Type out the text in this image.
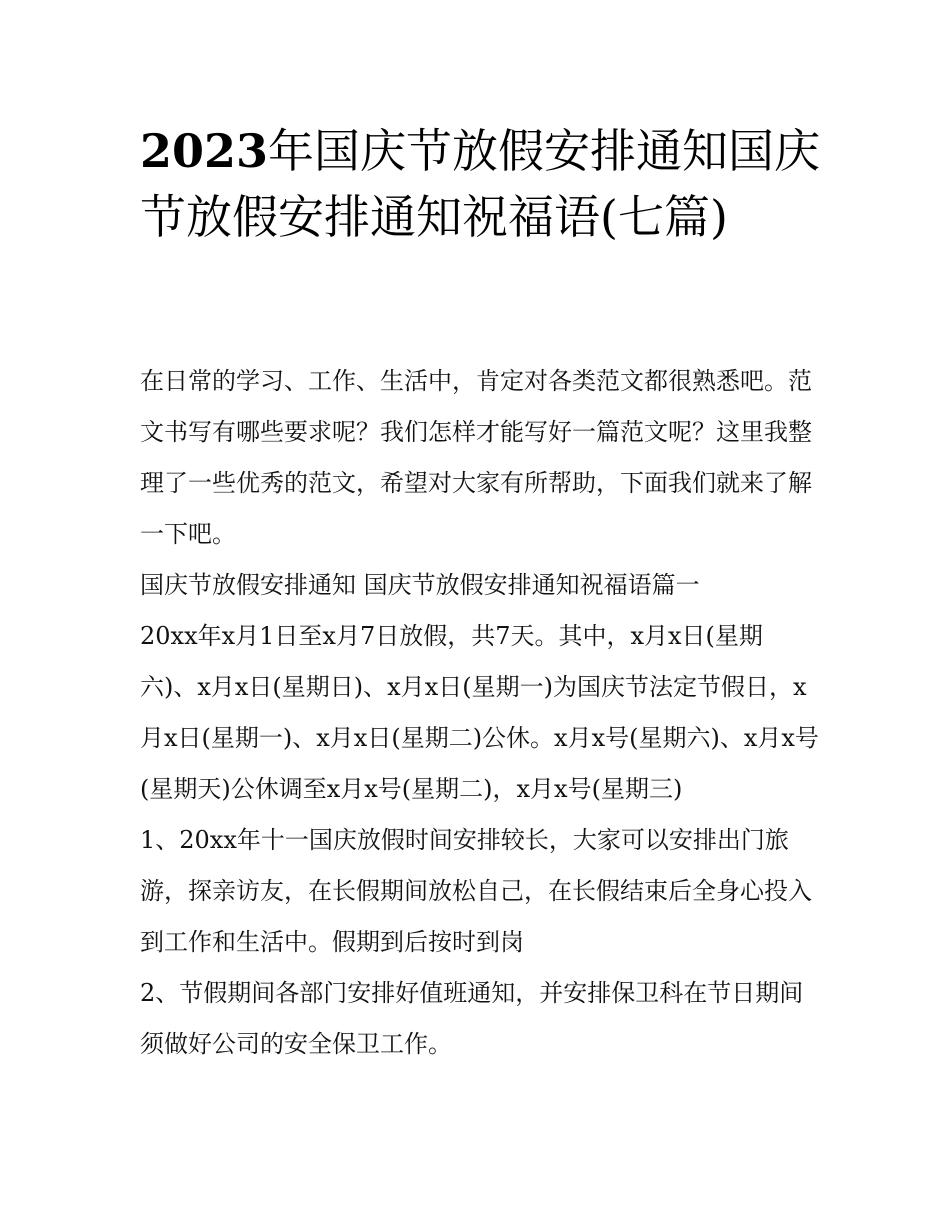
2023年国庆节放假安排通知国庆节放假安排通知祝福语(七篇)

在日常的学习、工作、生活中，肯定对各类范文都很熟悉吧。范文书写有哪些要求呢？我们怎样才能写好一篇范文呢？这里我整理了一些优秀的范文，希望对大家有所帮助，下面我们就来了解一下吧。

国庆节放假安排通知 国庆节放假安排通知祝福语篇一

20xx年x月1日至x月7日放假，共7天。其中，x月x日(星期六)、x月x日(星期日)、x月x日(星期一)为国庆节法定节假日，x月x日(星期一)、x月x日(星期二)公休。x月x号(星期六)、x月x号(星期天)公休调至x月x号(星期二)，x月x号(星期三)

1、20xx年十一国庆放假时间安排较长，大家可以安排出门旅游，探亲访友，在长假期间放松自己，在长假结束后全身心投入到工作和生活中。假期到后按时到岗

2、节假期间各部门安排好值班通知，并安排保卫科在节日期间须做好公司的安全保卫工作。
